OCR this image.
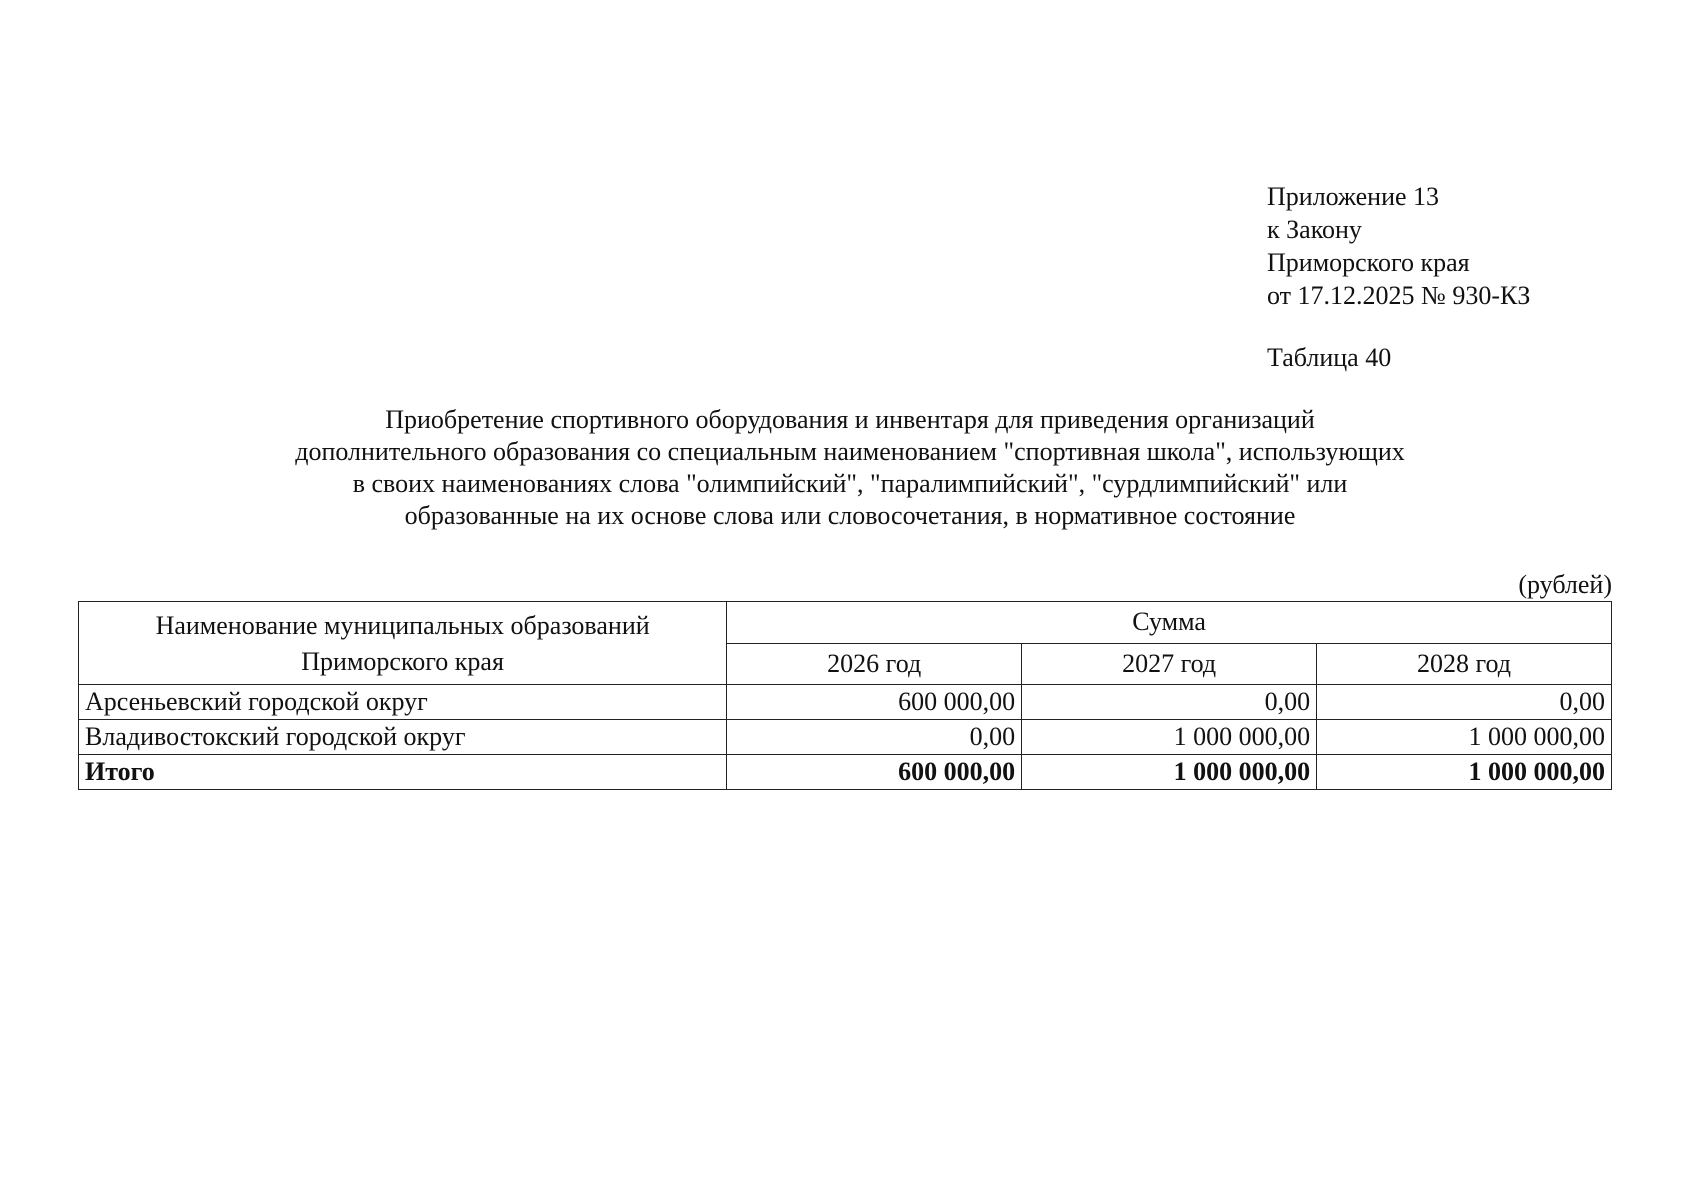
Приложение 13
к Закону
Приморского края
от 17.12.2025 № 930-КЗ
Таблица 40
Приобретение спортивного оборудования и инвентаря для приведения организаций
дополнительного образования со специальным наименованием "спортивная школа", использующих
в своих наименованиях слова "олимпийский", "паралимпийский", "сурдлимпийский" или
образованные на их основе слова или словосочетания, в нормативное состояние
(рублей)
Наименование муниципальных образований
Приморского края	Сумма		
	2026 год	2027 год	2028 год
Арсеньевский городской округ	600 000,00	0,00	0,00
Владивостокский городской округ	0,00	1 000 000,00	1 000 000,00
Итого	600 000,00	1 000 000,00	1 000 000,00
